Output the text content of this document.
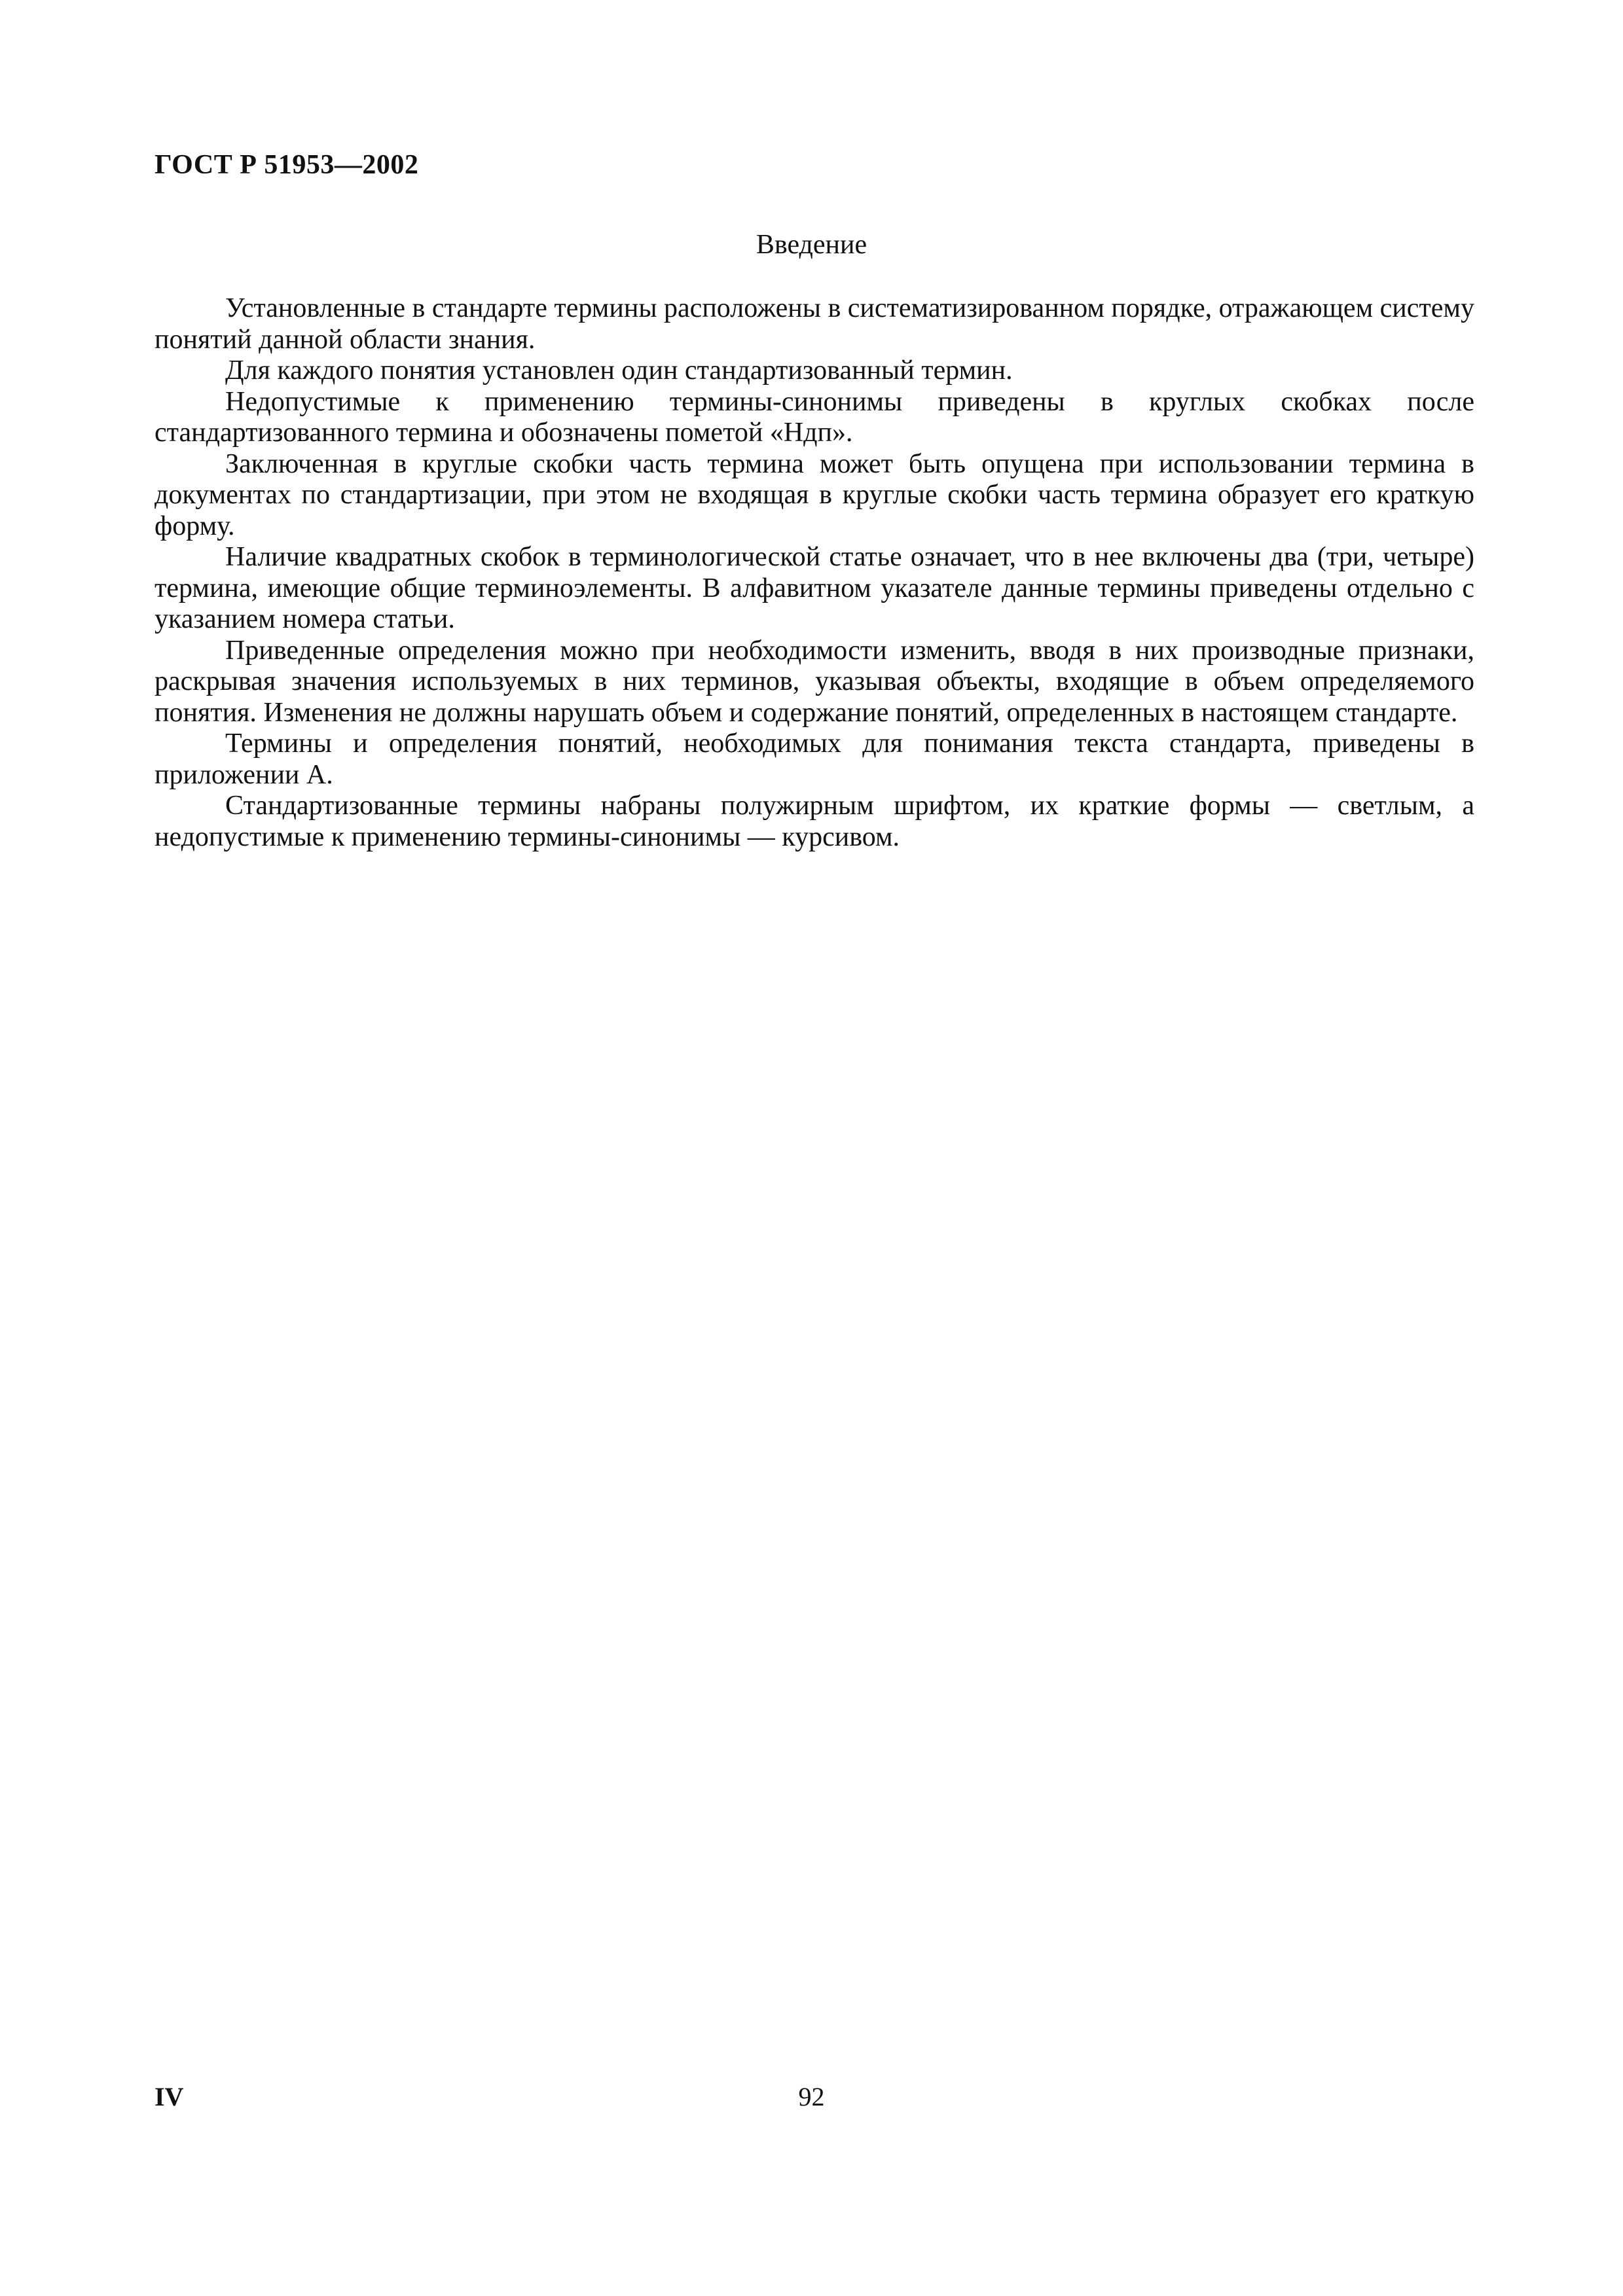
ГОСТ Р 51953—2002
Введение

Установленные в стандарте термины расположены в систематизированном порядке, отражающем систему понятий данной области знания.

Для каждого понятия установлен один стандартизованный термин.

Недопустимые к применению термины-синонимы приведены в круглых скобках после стандартизованного термина и обозначены пометой «Ндп».

Заключенная в круглые скобки часть термина может быть опущена при использовании термина в документах по стандартизации, при этом не входящая в круглые скобки часть термина образует его краткую форму.

Наличие квадратных скобок в терминологической статье означает, что в нее включены два (три, четыре) термина, имеющие общие терминоэлементы. В алфавитном указателе данные термины приведены отдельно с указанием номера статьи.

Приведенные определения можно при необходимости изменить, вводя в них производные признаки, раскрывая значения используемых в них терминов, указывая объекты, входящие в объем определяемого понятия. Изменения не должны нарушать объем и содержание понятий, определенных в настоящем стандарте.

Термины и определения понятий, необходимых для понимания текста стандарта, приведены в приложении А.

Стандартизованные термины набраны полужирным шрифтом, их краткие формы — светлым, а недопустимые к применению термины-синонимы — курсивом.

IV	92
